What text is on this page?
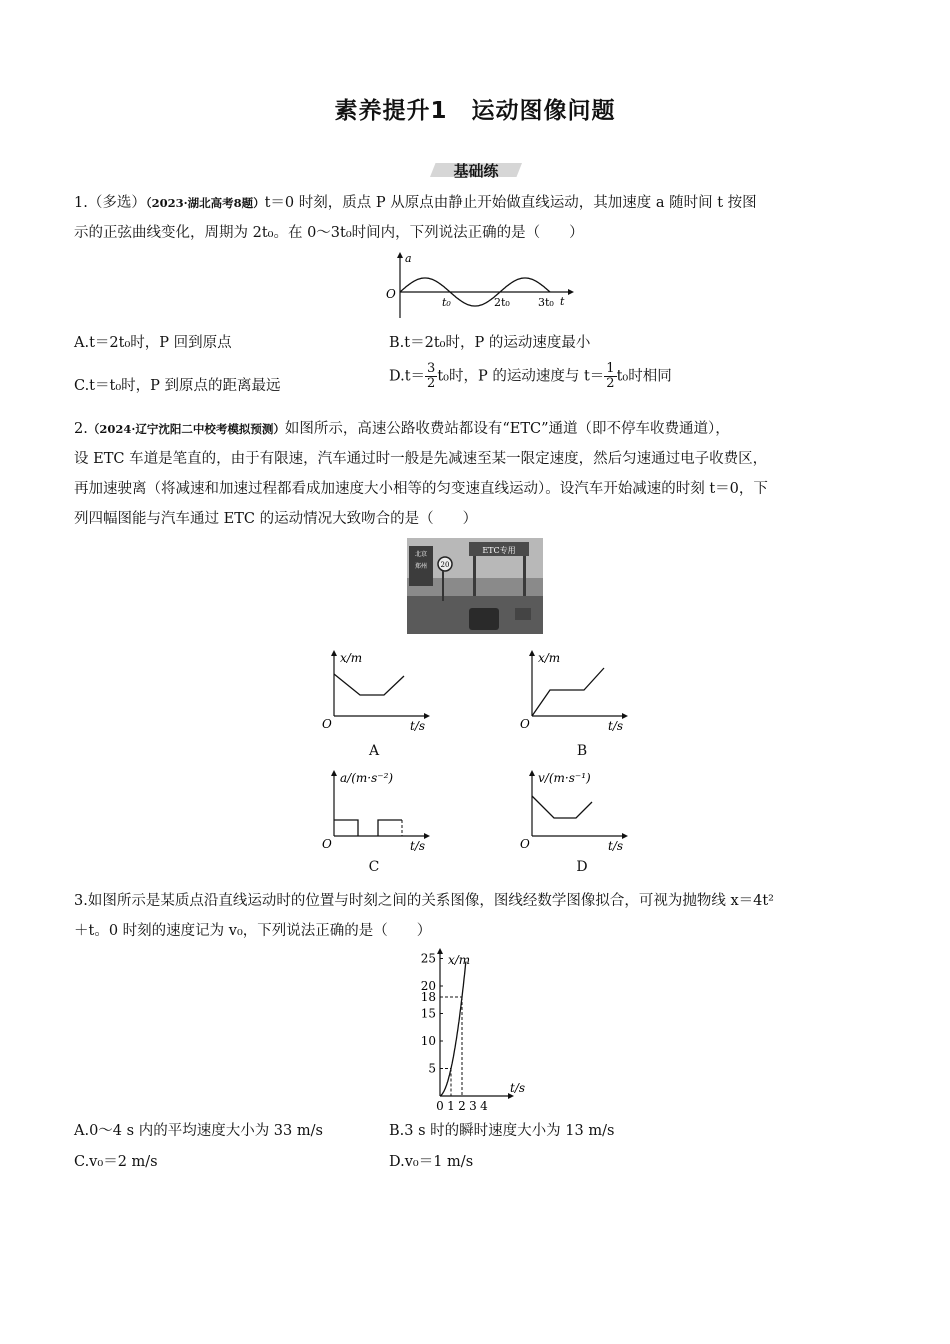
素养提升1　运动图像问题
基础练
1.（多选）（2023·湖北高考8题）t＝0 时刻，质点 P 从原点由静止开始做直线运动，其加速度 a 随时间 t 按图
示的正弦曲线变化，周期为 2t₀。在 0～3t₀时间内，下列说法正确的是（　　）
a
O
t₀	2t₀	3t₀ t
A.t＝2t₀时，P 回到原点	B.t＝2t₀时，P 的运动速度最小
C.t＝t₀时，P 到原点的距离最远
$D.t= \frac{3}{2} t_0$时，P 的运动速度与 $t= \frac{1}{2} t_0$时相同
2.（2024·辽宁沈阳二中校考模拟预测）如图所示，高速公路收费站都设有“ETC”通道（即不停车收费通道），
设 ETC 车道是笔直的，由于有限速，汽车通过时一般是先减速至某一限定速度，然后匀速通过电子收费区，
再加速驶离（将减速和加速过程都看成加速度大小相等的匀变速直线运动）。设汽车开始减速的时刻 t＝0，下
列四幅图能与汽车通过 ETC 的运动情况大致吻合的是（　　）
ETC专用
北京
郑州 20
x/m
O	t/s
A
x/m
O	t/s
B
a/(m·s⁻²)
O	t/s
C
v/(m·s⁻¹)
O	t/s
D
3.如图所示是某质点沿直线运动时的位置与时刻之间的关系图像，图线经数学图像拟合，可视为抛物线 x＝4t²
＋t。0 时刻的速度记为 v₀，下列说法正确的是（　　）
5
10
15
18
20
25
0 1 2 3 4
x/m
t/s
A.0～4 s 内的平均速度大小为 33 m/s	B.3 s 时的瞬时速度大小为 13 m/s
C.v₀＝2 m/s	D.v₀＝1 m/s
